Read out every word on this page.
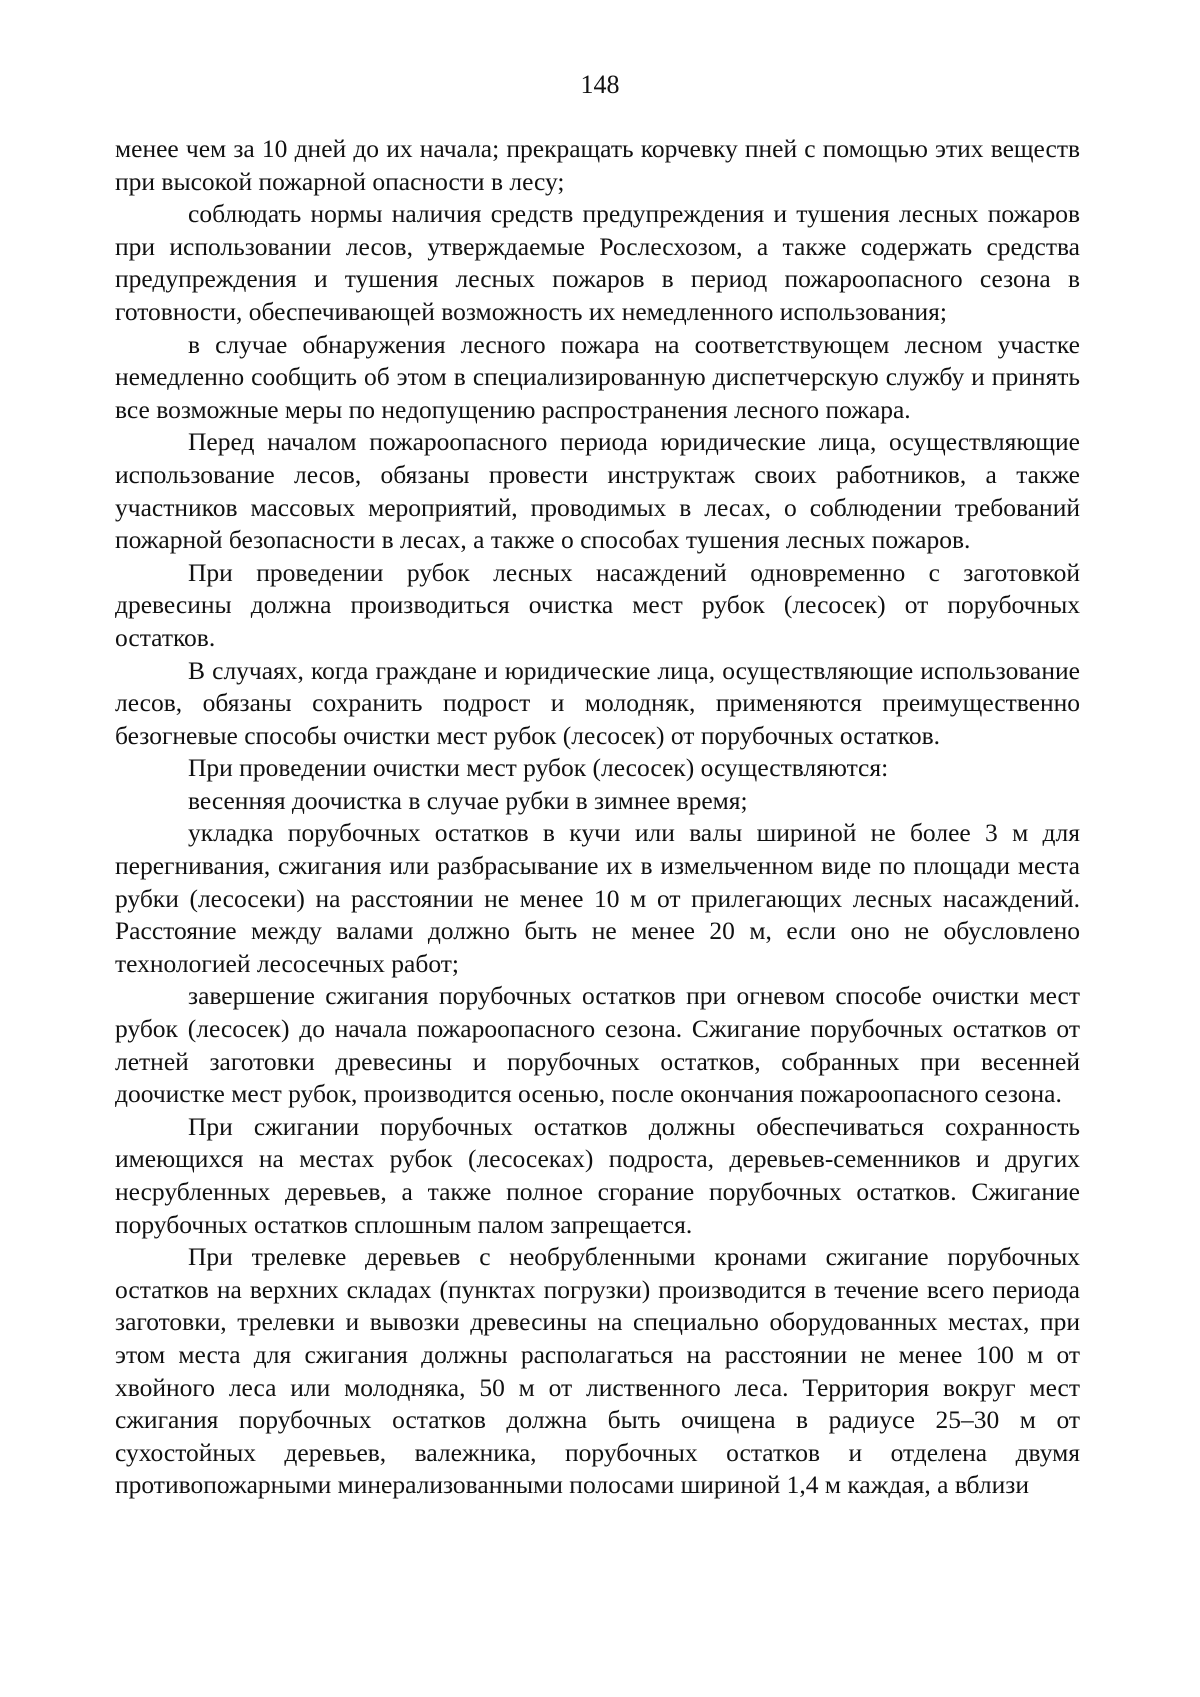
148

менее чем за 10 дней до их начала; прекращать корчевку пней с помощью этих веществ при высокой пожарной опасности в лесу;

соблюдать нормы наличия средств предупреждения и тушения лесных пожаров при использовании лесов, утверждаемые Рослесхозом, а также содержать средства предупреждения и тушения лесных пожаров в период пожароопасного сезона в готовности, обеспечивающей возможность их немедленного использования;

в случае обнаружения лесного пожара на соответствующем лесном участке немедленно сообщить об этом в специализированную диспетчерскую службу и принять все возможные меры по недопущению распространения лесного пожара.

Перед началом пожароопасного периода юридические лица, осуществляющие использование лесов, обязаны провести инструктаж своих работников, а также участников массовых мероприятий, проводимых в лесах, о соблюдении требований пожарной безопасности в лесах, а также о способах тушения лесных пожаров.

При проведении рубок лесных насаждений одновременно с заготовкой древесины должна производиться очистка мест рубок (лесосек) от порубочных остатков.

В случаях, когда граждане и юридические лица, осуществляющие использование лесов, обязаны сохранить подрост и молодняк, применяются преимущественно безогневые способы очистки мест рубок (лесосек) от порубочных остатков.

При проведении очистки мест рубок (лесосек) осуществляются:

весенняя доочистка в случае рубки в зимнее время;

укладка порубочных остатков в кучи или валы шириной не более 3 м для перегнивания, сжигания или разбрасывание их в измельченном виде по площади места рубки (лесосеки) на расстоянии не менее 10 м от прилегающих лесных насаждений. Расстояние между валами должно быть не менее 20 м, если оно не обусловлено технологией лесосечных работ;

завершение сжигания порубочных остатков при огневом способе очистки мест рубок (лесосек) до начала пожароопасного сезона. Сжигание порубочных остатков от летней заготовки древесины и порубочных остатков, собранных при весенней доочистке мест рубок, производится осенью, после окончания пожароопасного сезона.

При сжигании порубочных остатков должны обеспечиваться сохранность имеющихся на местах рубок (лесосеках) подроста, деревьев-семенников и других несрубленных деревьев, а также полное сгорание порубочных остатков. Сжигание порубочных остатков сплошным палом запрещается.

При трелевке деревьев с необрубленными кронами сжигание порубочных остатков на верхних складах (пунктах погрузки) производится в течение всего периода заготовки, трелевки и вывозки древесины на специально оборудованных местах, при этом места для сжигания должны располагаться на расстоянии не менее 100 м от хвойного леса или молодняка, 50 м от лиственного леса. Территория вокруг мест сжигания порубочных остатков должна быть очищена в радиусе 25–30 м от сухостойных деревьев, валежника, порубочных остатков и отделена двумя противопожарными минерализованными полосами шириной 1,4 м каждая, а вблизи
